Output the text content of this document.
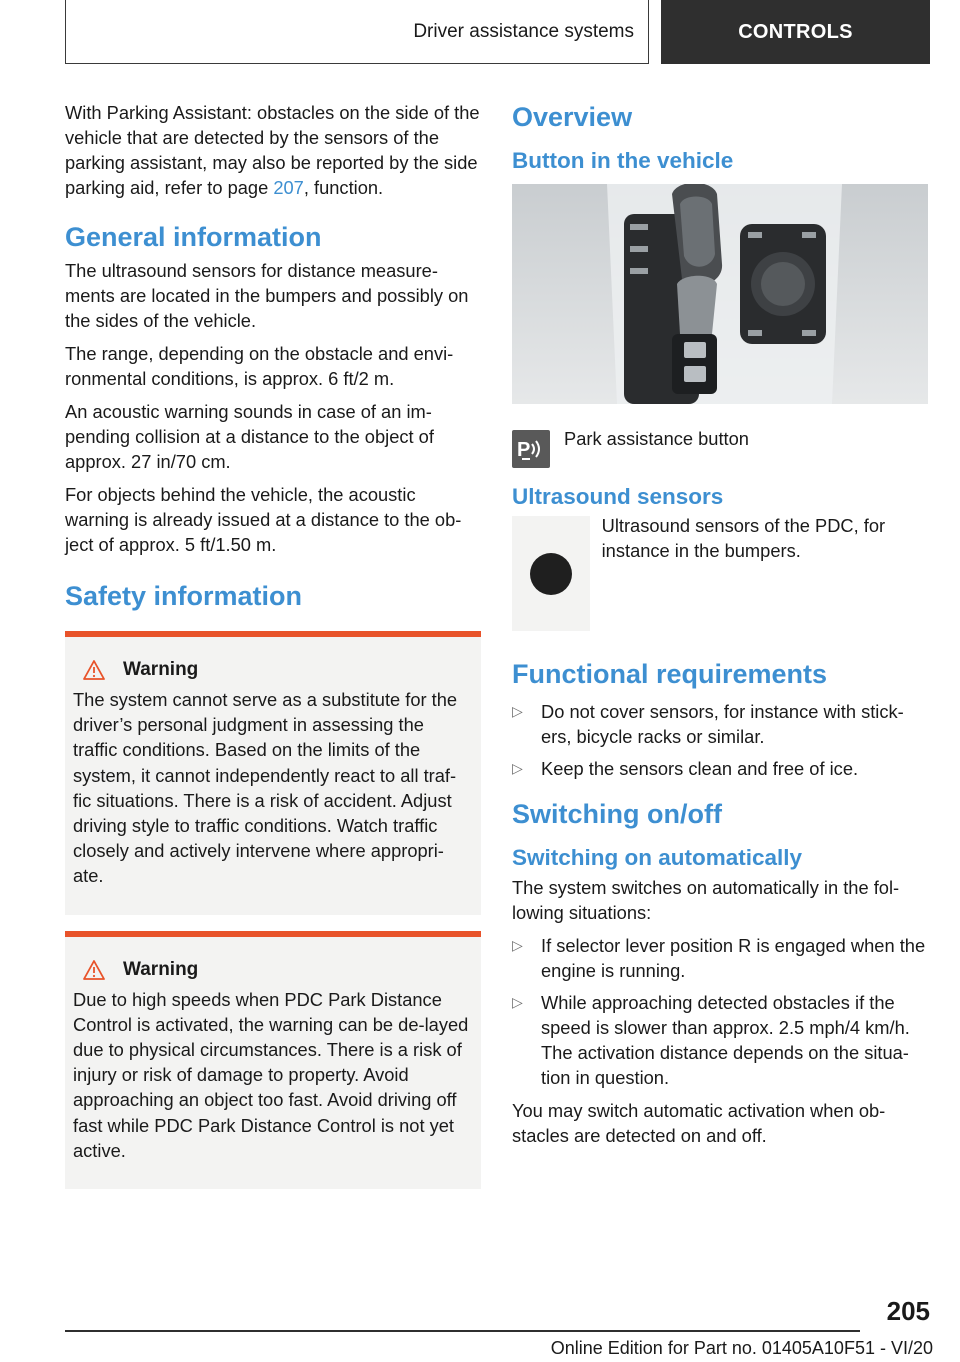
Driver assistance systems	CONTROLS

With Parking Assistant: obstacles on the side of the vehicle that are detected by the sensors of the parking assistant, may also be reported by the side parking aid, refer to page 207, function.

General information

The ultrasound sensors for distance measure-ments are located in the bumpers and possibly on the sides of the vehicle.

The range, depending on the obstacle and envi-ronmental conditions, is approx. 6 ft/2 m.

An acoustic warning sounds in case of an im-pending collision at a distance to the object of approx. 27 in/70 cm.

For objects behind the vehicle, the acoustic warning is already issued at a distance to the ob-ject of approx. 5 ft/1.50 m.

Safety information
Warning

The system cannot serve as a substitute for the driver’s personal judgment in assessing the traffic conditions. Based on the limits of the system, it cannot independently react to all traf-fic situations. There is a risk of accident. Adjust driving style to traffic conditions. Watch traffic closely and actively intervene where appropri-ate.

Warning

Due to high speeds when PDC Park Distance Control is activated, the warning can be de-layed due to physical circumstances. There is a risk of injury or risk of damage to property. Avoid approaching an object too fast. Avoid driving off fast while PDC Park Distance Control is not yet active.

Overview
Button in the vehicle
P

Park assistance button

Ultrasound sensors

Ultrasound sensors of the PDC, for instance in the bumpers.

Functional requirements
▷ Do not cover sensors, for instance with stick-ers, bicycle racks or similar.
▷ Keep the sensors clean and free of ice.
Switching on/off
Switching on automatically

The system switches on automatically in the fol-lowing situations:

▷ If selector lever position R is engaged when the engine is running.
▷ While approaching detected obstacles if the speed is slower than approx. 2.5 mph/4 km/h. The activation distance depends on the situa-tion in question.

You may switch automatic activation when ob-stacles are detected on and off.

205
Online Edition for Part no. 01405A10F51 - VI/20
